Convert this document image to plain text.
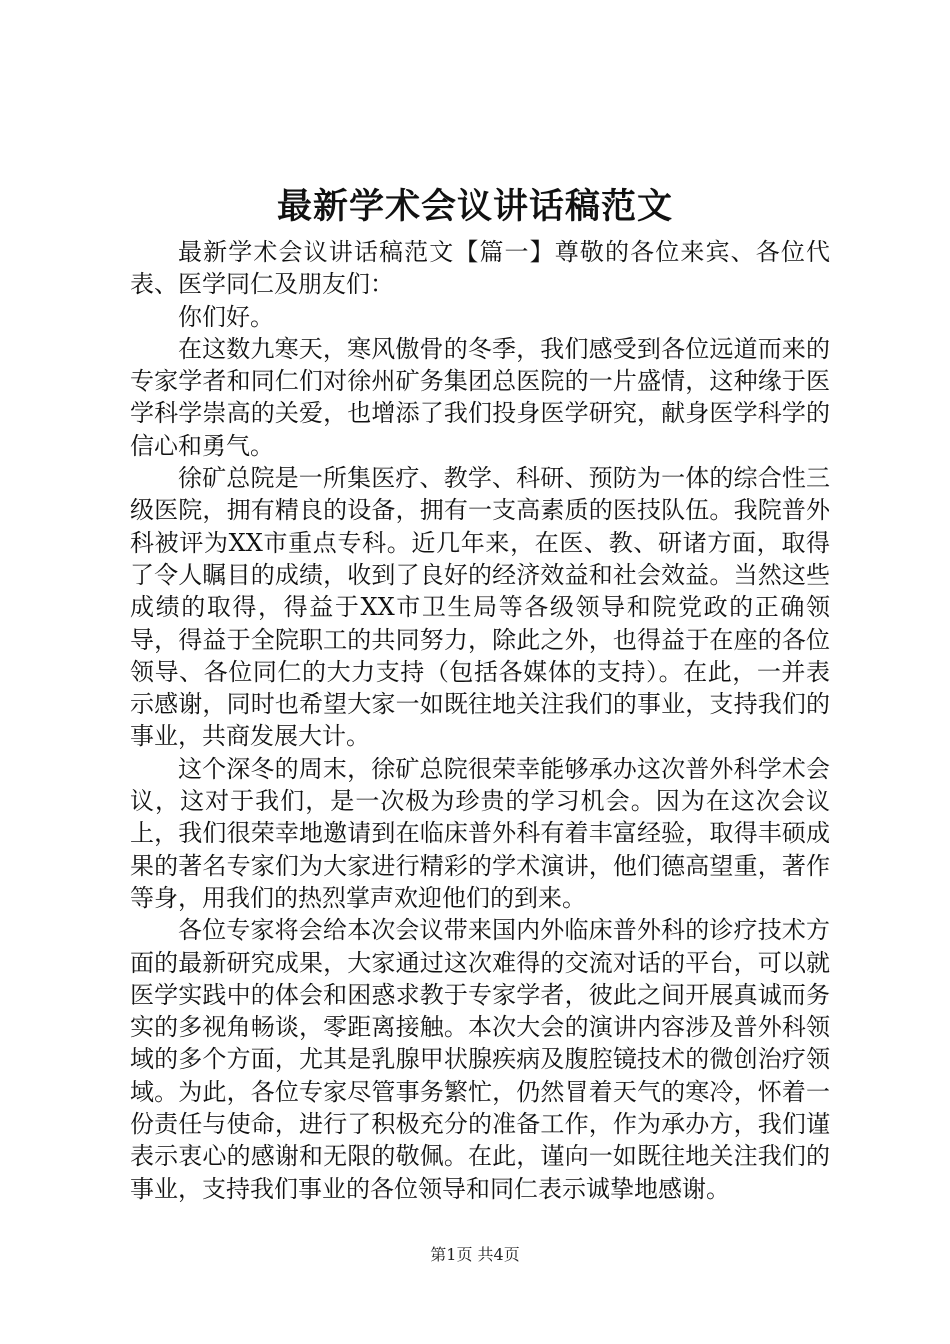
最新学术会议讲话稿范文

最新学术会议讲话稿范文【篇一】尊敬的各位来宾、各位代表、医学同仁及朋友们：

你们好。

在这数九寒天，寒风傲骨的冬季，我们感受到各位远道而来的专家学者和同仁们对徐州矿务集团总医院的一片盛情，这种缘于医学科学崇高的关爱，也增添了我们投身医学研究，献身医学科学的信心和勇气。

徐矿总院是一所集医疗、教学、科研、预防为一体的综合性三级医院，拥有精良的设备，拥有一支高素质的医技队伍。我院普外科被评为XX市重点专科。近几年来，在医、教、研诸方面，取得了令人瞩目的成绩，收到了良好的经济效益和社会效益。当然这些成绩的取得，得益于XX市卫生局等各级领导和院党政的正确领导，得益于全院职工的共同努力，除此之外，也得益于在座的各位领导、各位同仁的大力支持（包括各媒体的支持）。在此，一并表示感谢，同时也希望大家一如既往地关注我们的事业，支持我们的事业，共商发展大计。

这个深冬的周末，徐矿总院很荣幸能够承办这次普外科学术会议，这对于我们，是一次极为珍贵的学习机会。因为在这次会议上，我们很荣幸地邀请到在临床普外科有着丰富经验，取得丰硕成果的著名专家们为大家进行精彩的学术演讲，他们德高望重，著作等身，用我们的热烈掌声欢迎他们的到来。

各位专家将会给本次会议带来国内外临床普外科的诊疗技术方面的最新研究成果，大家通过这次难得的交流对话的平台，可以就医学实践中的体会和困惑求教于专家学者，彼此之间开展真诚而务实的多视角畅谈，零距离接触。本次大会的演讲内容涉及普外科领域的多个方面，尤其是乳腺甲状腺疾病及腹腔镜技术的微创治疗领域。为此，各位专家尽管事务繁忙，仍然冒着天气的寒冷，怀着一份责任与使命，进行了积极充分的准备工作，作为承办方，我们谨表示衷心的感谢和无限的敬佩。在此，谨向一如既往地关注我们的事业，支持我们事业的各位领导和同仁表示诚挚地感谢。

第1页 共4页
